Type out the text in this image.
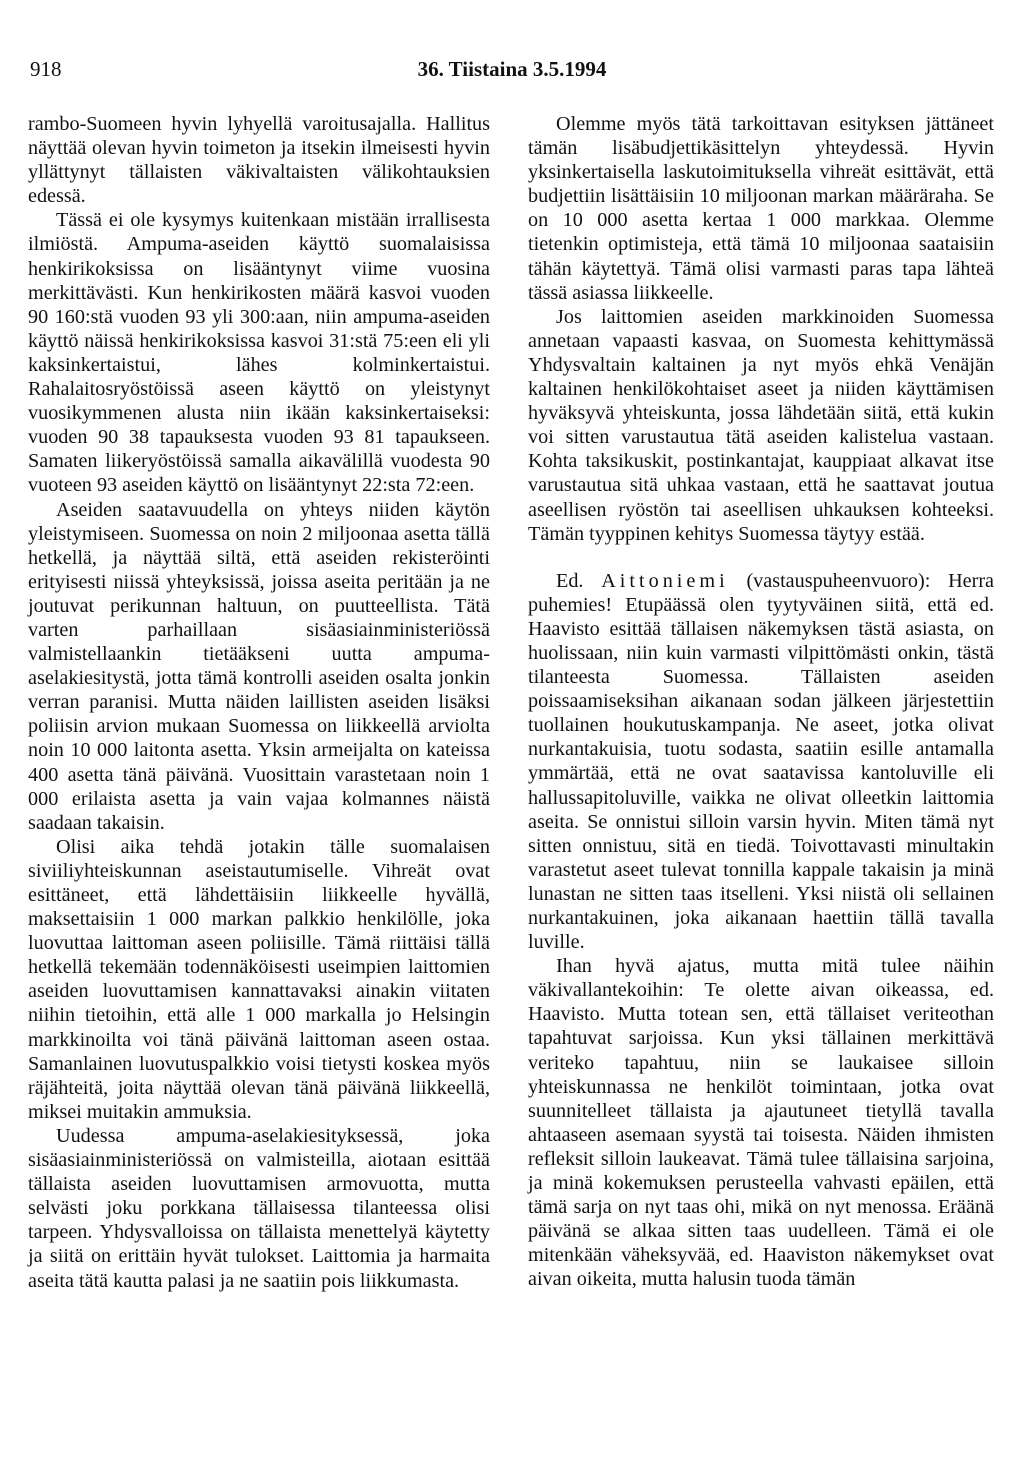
918	36. Tiistaina 3.5.1994

rambo-Suomeen hyvin lyhyellä varoitusajalla. Hallitus näyttää olevan hyvin toimeton ja itsekin ilmeisesti hyvin yllättynyt tällaisten väkivaltaisten välikohtauksien edessä.

Tässä ei ole kysymys kuitenkaan mistään irrallisesta ilmiöstä. Ampuma-aseiden käyttö suomalaisissa henkirikoksissa on lisääntynyt viime vuosina merkittävästi. Kun henkirikosten määrä kasvoi vuoden 90 160:stä vuoden 93 yli 300:aan, niin ampuma-aseiden käyttö näissä henkirikoksissa kasvoi 31:stä 75:een eli yli kaksinkertaistui, lähes kolminkertaistui. Rahalaitosryöstöissä aseen käyttö on yleistynyt vuosikymmenen alusta niin ikään kaksinkertaiseksi: vuoden 90 38 tapauksesta vuoden 93 81 tapaukseen. Samaten liikeryöstöissä samalla aikavälillä vuodesta 90 vuoteen 93 aseiden käyttö on lisääntynyt 22:sta 72:een.

Aseiden saatavuudella on yhteys niiden käytön yleistymiseen. Suomessa on noin 2 miljoonaa asetta tällä hetkellä, ja näyttää siltä, että aseiden rekisteröinti erityisesti niissä yhteyksissä, joissa aseita peritään ja ne joutuvat perikunnan haltuun, on puutteellista. Tätä varten parhaillaan sisäasiainministeriössä valmistellaankin tietääkseni uutta ampuma-aselakiesitystä, jotta tämä kontrolli aseiden osalta jonkin verran paranisi. Mutta näiden laillisten aseiden lisäksi poliisin arvion mukaan Suomessa on liikkeellä arviolta noin 10 000 laitonta asetta. Yksin armeijalta on kateissa 400 asetta tänä päivänä. Vuosittain varastetaan noin 1 000 erilaista asetta ja vain vajaa kolmannes näistä saadaan takaisin.

Olisi aika tehdä jotakin tälle suomalaisen siviiliyhteiskunnan aseistautumiselle. Vihreät ovat esittäneet, että lähdettäisiin liikkeelle hyvällä, maksettaisiin 1 000 markan palkkio henkilölle, joka luovuttaa laittoman aseen poliisille. Tämä riittäisi tällä hetkellä tekemään todennäköisesti useimpien laittomien aseiden luovuttamisen kannattavaksi ainakin viitaten niihin tietoihin, että alle 1 000 markalla jo Helsingin markkinoilta voi tänä päivänä laittoman aseen ostaa. Samanlainen luovutuspalkkio voisi tietysti koskea myös räjähteitä, joita näyttää olevan tänä päivänä liikkeellä, miksei muitakin ammuksia.

Uudessa ampuma-aselakiesityksessä, joka sisäasiainministeriössä on valmisteilla, aiotaan esittää tällaista aseiden luovuttamisen armovuotta, mutta selvästi joku porkkana tällaisessa tilanteessa olisi tarpeen. Yhdysvalloissa on tällaista menettelyä käytetty ja siitä on erittäin hyvät tulokset. Laittomia ja harmaita aseita tätä kautta palasi ja ne saatiin pois liikkumasta.

Olemme myös tätä tarkoittavan esityksen jättäneet tämän lisäbudjettikäsittelyn yhteydessä. Hyvin yksinkertaisella laskutoimituksella vihreät esittävät, että budjettiin lisättäisiin 10 miljoonan markan määräraha. Se on 10 000 asetta kertaa 1 000 markkaa. Olemme tietenkin optimisteja, että tämä 10 miljoonaa saataisiin tähän käytettyä. Tämä olisi varmasti paras tapa lähteä tässä asiassa liikkeelle.

Jos laittomien aseiden markkinoiden Suomessa annetaan vapaasti kasvaa, on Suomesta kehittymässä Yhdysvaltain kaltainen ja nyt myös ehkä Venäjän kaltainen henkilökohtaiset aseet ja niiden käyttämisen hyväksyvä yhteiskunta, jossa lähdetään siitä, että kukin voi sitten varustautua tätä aseiden kalistelua vastaan. Kohta taksikuskit, postinkantajat, kauppiaat alkavat itse varustautua sitä uhkaa vastaan, että he saattavat joutua aseellisen ryöstön tai aseellisen uhkauksen kohteeksi. Tämän tyyppinen kehitys Suomessa täytyy estää.

Ed. Aittoniemi (vastauspuheenvuoro): Herra puhemies! Etupäässä olen tyytyväinen siitä, että ed. Haavisto esittää tällaisen näkemyksen tästä asiasta, on huolissaan, niin kuin varmasti vilpittömästi onkin, tästä tilanteesta Suomessa. Tällaisten aseiden poissaamiseksihan aikanaan sodan jälkeen järjestettiin tuollainen houkutuskampanja. Ne aseet, jotka olivat nurkantakuisia, tuotu sodasta, saatiin esille antamalla ymmärtää, että ne ovat saatavissa kantoluville eli hallussapitoluville, vaikka ne olivat olleetkin laittomia aseita. Se onnistui silloin varsin hyvin. Miten tämä nyt sitten onnistuu, sitä en tiedä. Toivottavasti minultakin varastetut aseet tulevat tonnilla kappale takaisin ja minä lunastan ne sitten taas itselleni. Yksi niistä oli sellainen nurkantakuinen, joka aikanaan haettiin tällä tavalla luville.

Ihan hyvä ajatus, mutta mitä tulee näihin väkivallantekoihin: Te olette aivan oikeassa, ed. Haavisto. Mutta totean sen, että tällaiset veriteothan tapahtuvat sarjoissa. Kun yksi tällainen merkittävä veriteko tapahtuu, niin se laukaisee silloin yhteiskunnassa ne henkilöt toimintaan, jotka ovat suunnitelleet tällaista ja ajautuneet tietyllä tavalla ahtaaseen asemaan syystä tai toisesta. Näiden ihmisten refleksit silloin laukeavat. Tämä tulee tällaisina sarjoina, ja minä kokemuksen perusteella vahvasti epäilen, että tämä sarja on nyt taas ohi, mikä on nyt menossa. Eräänä päivänä se alkaa sitten taas uudelleen. Tämä ei ole mitenkään väheksyvää, ed. Haaviston näkemykset ovat aivan oikeita, mutta halusin tuoda tämän
